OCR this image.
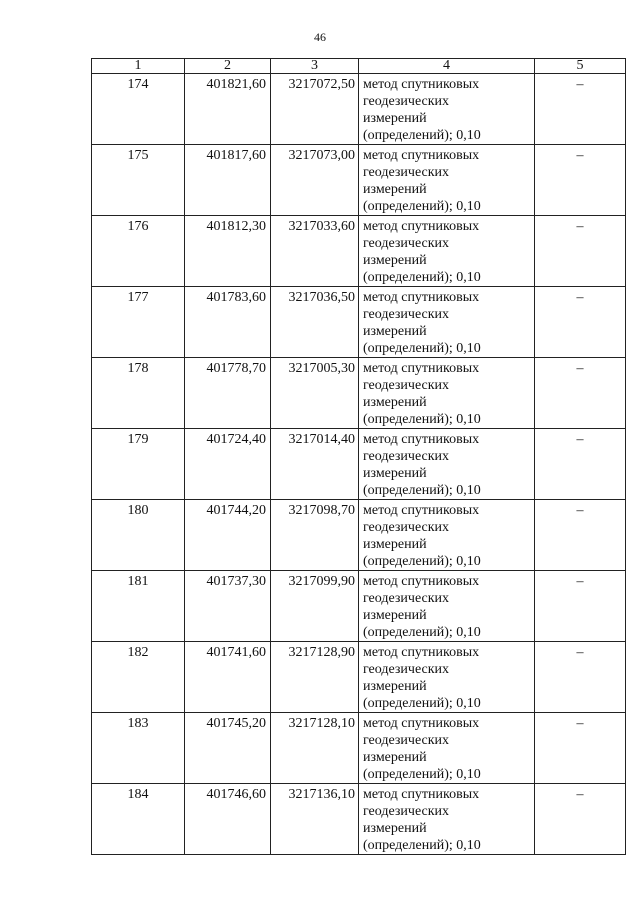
46
1	2	3	4	5
174	401821,60	3217072,50	метод спутниковых
геодезических
измерений
(определений); 0,10	–
175	401817,60	3217073,00	метод спутниковых
геодезических
измерений
(определений); 0,10	–
176	401812,30	3217033,60	метод спутниковых
геодезических
измерений
(определений); 0,10	–
177	401783,60	3217036,50	метод спутниковых
геодезических
измерений
(определений); 0,10	–
178	401778,70	3217005,30	метод спутниковых
геодезических
измерений
(определений); 0,10	–
179	401724,40	3217014,40	метод спутниковых
геодезических
измерений
(определений); 0,10	–
180	401744,20	3217098,70	метод спутниковых
геодезических
измерений
(определений); 0,10	–
181	401737,30	3217099,90	метод спутниковых
геодезических
измерений
(определений); 0,10	–
182	401741,60	3217128,90	метод спутниковых
геодезических
измерений
(определений); 0,10	–
183	401745,20	3217128,10	метод спутниковых
геодезических
измерений
(определений); 0,10	–
184	401746,60	3217136,10	метод спутниковых
геодезических
измерений
(определений); 0,10	–
